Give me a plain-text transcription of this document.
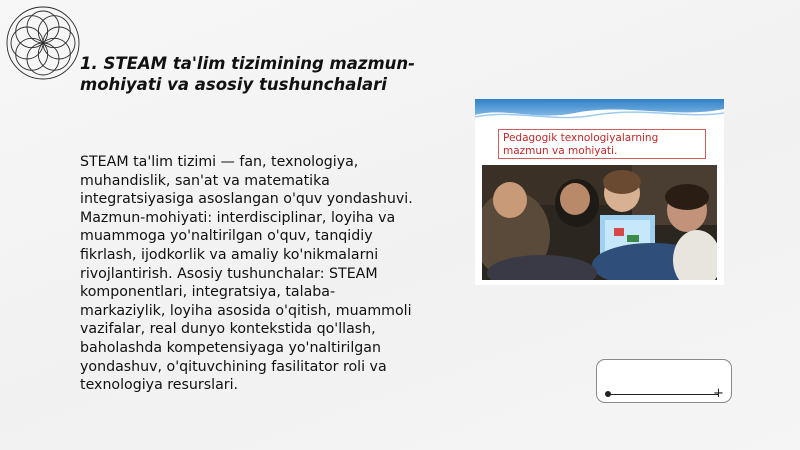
1. STEAM ta'lim tizimining mazmun-mohiyati va asosiy tushunchalari

STEAM ta'lim tizimi — fan, texnologiya, muhandislik, san'at va matematika integratsiyasiga asoslangan o'quv yondashuvi. Mazmun-mohiyati: interdisciplinar, loyiha va muammoga yo'naltirilgan o'quv, tanqidiy fikrlash, ijodkorlik va amaliy ko'nikmalarni rivojlantirish. Asosiy tushunchalar: STEAM komponentlari, integratsiya, talaba-markaziylik, loyiha asosida o'qitish, muammoli vazifalar, real dunyo kontekstida qo'llash, baholashda kompetensiyaga yo'naltirilgan yondashuv, o'qituvchining fasilitator roli va texnologiya resurslari.

Pedagogik texnologiyalarning mazmun va mohiyati.
+
